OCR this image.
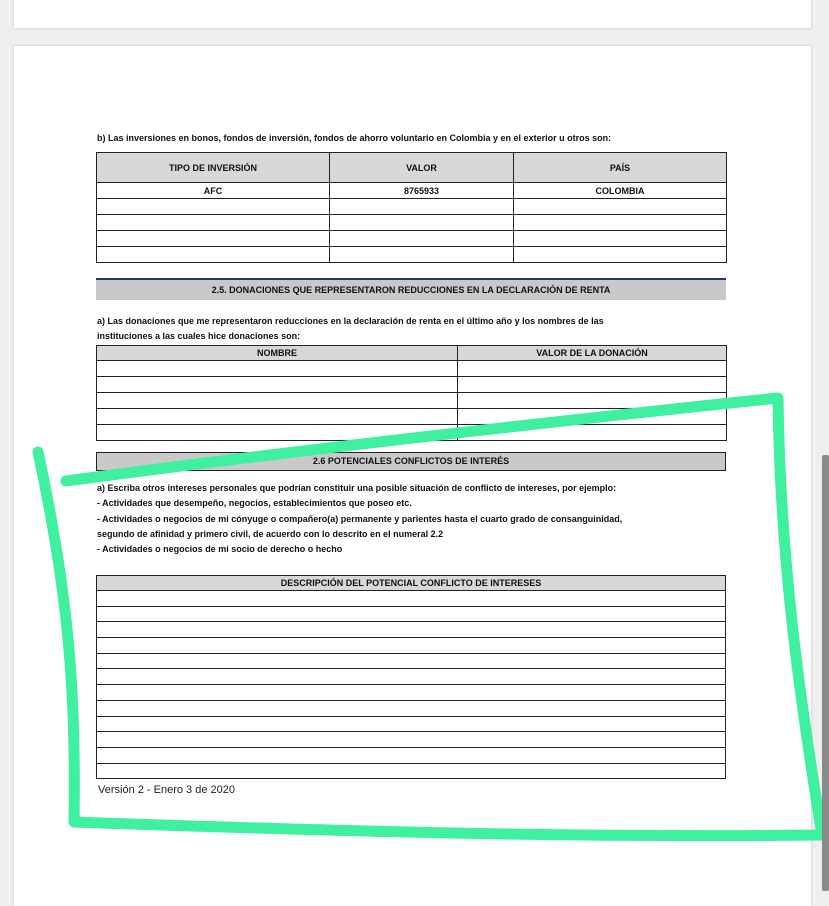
b) Las inversiones en bonos, fondos de inversión, fondos de ahorro voluntario en Colombia y en el exterior u otros son:
TIPO DE INVERSIÓN	VALOR	PAÍS
AFC	8765933	COLOMBIA

2.5. DONACIONES QUE REPRESENTARON REDUCCIONES EN LA DECLARACIÓN DE RENTA
a) Las donaciones que me representaron reducciones en la declaración de renta en el último año y los nombres de las
instituciones a las cuales hice donaciones son:
NOMBRE	VALOR DE LA DONACIÓN

2.6 POTENCIALES CONFLICTOS DE INTERÉS
a) Escriba otros intereses personales que podrían constituir una posible situación de conflicto de intereses, por ejemplo:
- Actividades que desempeño, negocios, establecimientos que poseo etc.
- Actividades o negocios de mi cónyuge o compañero(a) permanente y parientes hasta el cuarto grado de consanguinidad,
segundo de afinidad y primero civil, de acuerdo con lo descrito en el numeral 2.2
- Actividades o negocios de mi socio de derecho o hecho
DESCRIPCIÓN DEL POTENCIAL CONFLICTO DE INTERESES

Versión 2 - Enero 3 de 2020
